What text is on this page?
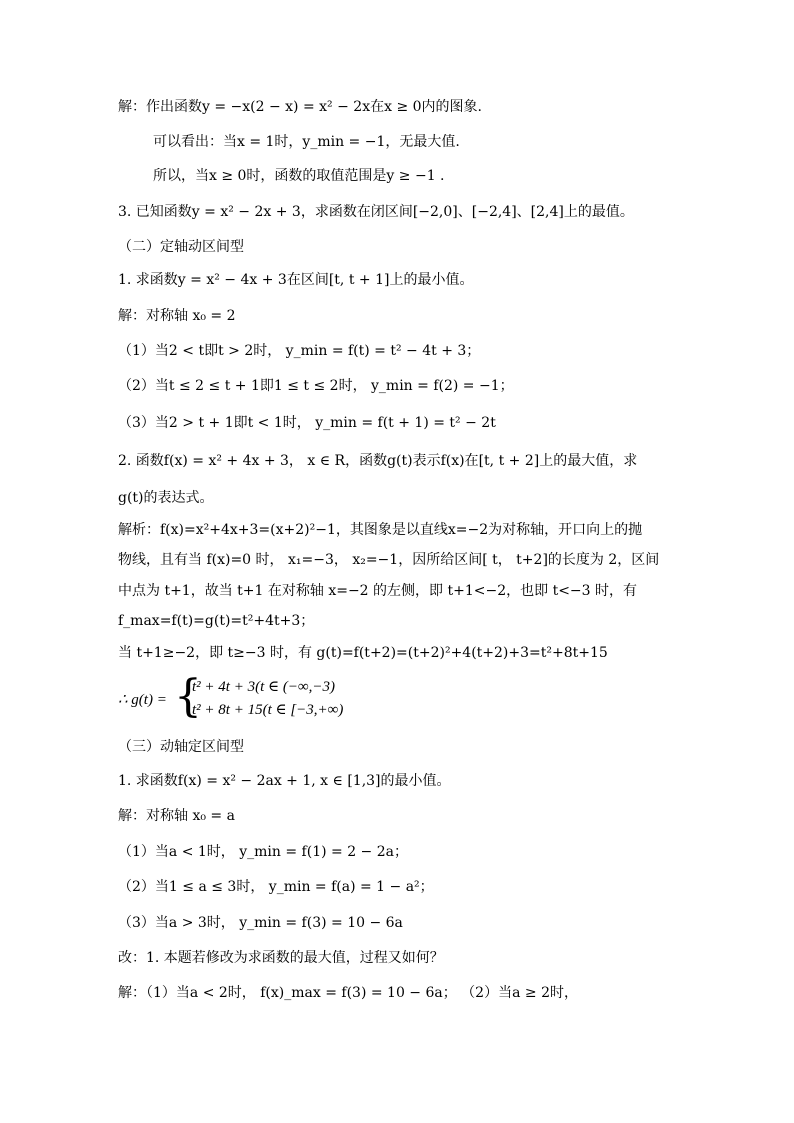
解：作出函数y = −x(2 − x) = x² − 2x在x ≥ 0内的图象.
可以看出：当x = 1时，y_min = −1，无最大值.
所以，当x ≥ 0时，函数的取值范围是y ≥ −1 .
3. 已知函数y = x² − 2x + 3，求函数在闭区间[−2,0]、[−2,4]、[2,4]上的最值。
（二）定轴动区间型
1. 求函数y = x² − 4x + 3在区间[t, t + 1]上的最小值。
解：对称轴 x₀ = 2
（1）当2 < t即t > 2时， y_min = f(t) = t² − 4t + 3；
（2）当t ≤ 2 ≤ t + 1即1 ≤ t ≤ 2时， y_min = f(2) = −1；
（3）当2 > t + 1即t < 1时， y_min = f(t + 1) = t² − 2t
2. 函数f(x) = x² + 4x + 3， x ∈ R，函数g(t)表示f(x)在[t, t + 2]上的最大值，求
g(t)的表达式。
解析：f(x)=x²+4x+3=(x+2)²−1，其图象是以直线x=−2为对称轴，开口向上的抛
物线，且有当 f(x)=0 时， x₁=−3， x₂=−1，因所给区间[ t， t+2]的长度为 2，区间
中点为 t+1，故当 t+1 在对称轴 x=−2 的左侧，即 t+1<−2，也即 t<−3 时，有
f_max=f(t)=g(t)=t²+4t+3；
当 t+1≥−2，即 t≥−3 时，有 g(t)=f(t+2)=(t+2)²+4(t+2)+3=t²+8t+15
∴ g(t) = {
t² + 4t + 3(t ∈ (−∞,−3)
t² + 8t + 15(t ∈ [−3,+∞)
（三）动轴定区间型
1. 求函数f(x) = x² − 2ax + 1, x ∈ [1,3]的最小值。
解：对称轴 x₀ = a
（1）当a < 1时， y_min = f(1) = 2 − 2a；
（2）当1 ≤ a ≤ 3时， y_min = f(a) = 1 − a²；
（3）当a > 3时， y_min = f(3) = 10 − 6a
改：1. 本题若修改为求函数的最大值，过程又如何？
解：（1）当a < 2时， f(x)_max = f(3) = 10 − 6a； （2）当a ≥ 2时，
